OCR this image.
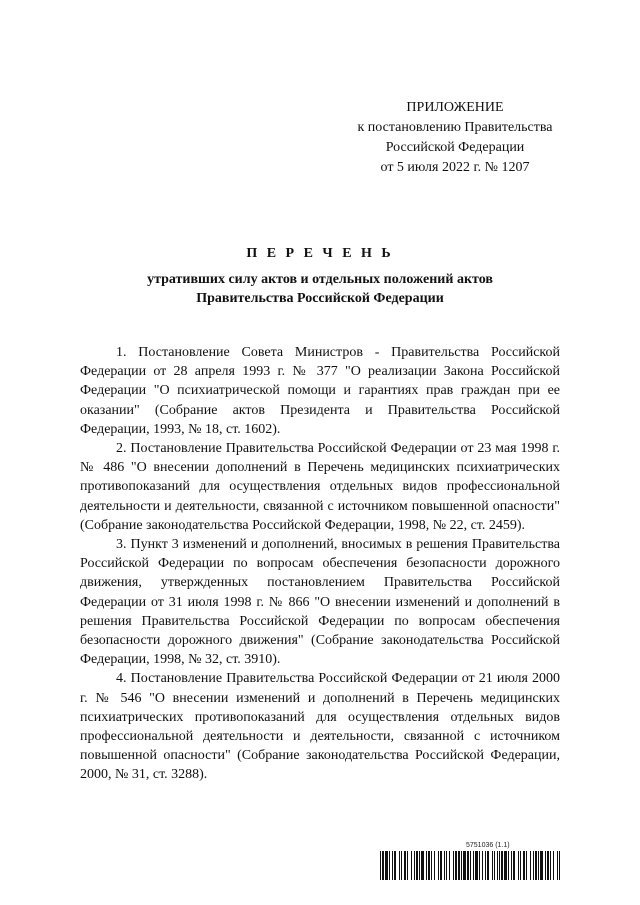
ПРИЛОЖЕНИЕ
к постановлению Правительства
Российской Федерации
от 5 июля 2022 г. № 1207
П Е Р Е Ч Е Н Ь
утративших силу актов и отдельных положений актов
Правительства Российской Федерации

1. Постановление Совета Министров - Правительства Российской Федерации от 28 апреля 1993 г. № 377 "О реализации Закона Российской Федерации "О психиатрической помощи и гарантиях прав граждан при ее оказании" (Собрание актов Президента и Правительства Российской Федерации, 1993, № 18, ст. 1602).

2. Постановление Правительства Российской Федерации от 23 мая 1998 г. № 486 "О внесении дополнений в Перечень медицинских психиатрических противопоказаний для осуществления отдельных видов профессиональной деятельности и деятельности, связанной с источником повышенной опасности" (Собрание законодательства Российской Федерации, 1998, № 22, ст. 2459).

3. Пункт 3 изменений и дополнений, вносимых в решения Правительства Российской Федерации по вопросам обеспечения безопасности дорожного движения, утвержденных постановлением Правительства Российской Федерации от 31 июля 1998 г. № 866 "О внесении изменений и дополнений в решения Правительства Российской Федерации по вопросам обеспечения безопасности дорожного движения" (Собрание законодательства Российской Федерации, 1998, № 32, ст. 3910).

4. Постановление Правительства Российской Федерации от 21 июля 2000 г. № 546 "О внесении изменений и дополнений в Перечень медицинских психиатрических противопоказаний для осуществления отдельных видов профессиональной деятельности и деятельности, связанной с источником повышенной опасности" (Собрание законодательства Российской Федерации, 2000, № 31, ст. 3288).

5751036 (1.1)
